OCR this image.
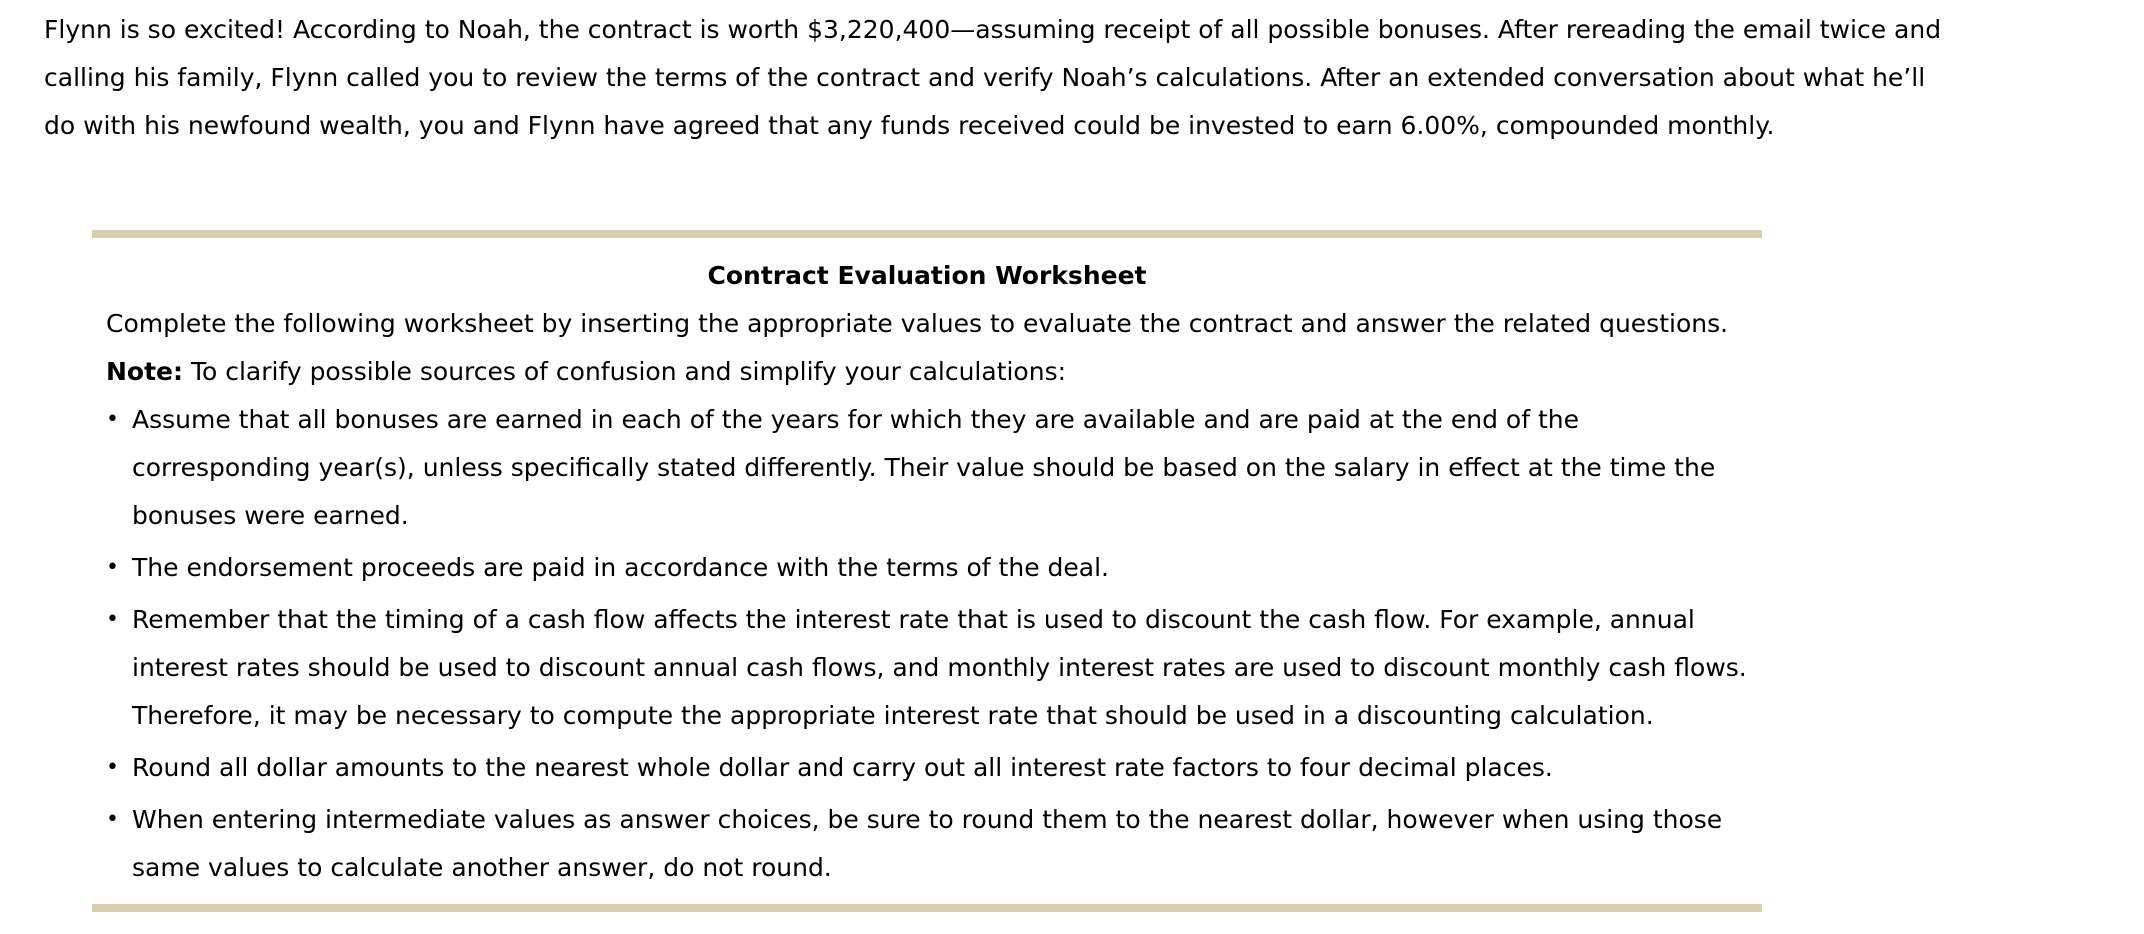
Flynn is so excited! According to Noah, the contract is worth $3,220,400—assuming receipt of all possible bonuses. After rereading the email twice and calling his family, Flynn called you to review the terms of the contract and verify Noah’s calculations. After an extended conversation about what he’ll do with his newfound wealth, you and Flynn have agreed that any funds received could be invested to earn 6.00%, compounded monthly.

Contract Evaluation Worksheet

Complete the following worksheet by inserting the appropriate values to evaluate the contract and answer the related questions.

Note: To clarify possible sources of confusion and simplify your calculations:

• Assume that all bonuses are earned in each of the years for which they are available and are paid at the end of the corresponding year(s), unless specifically stated differently. Their value should be based on the salary in effect at the time the bonuses were earned.
• The endorsement proceeds are paid in accordance with the terms of the deal.
• Remember that the timing of a cash flow affects the interest rate that is used to discount the cash flow. For example, annual interest rates should be used to discount annual cash flows, and monthly interest rates are used to discount monthly cash flows. Therefore, it may be necessary to compute the appropriate interest rate that should be used in a discounting calculation.
• Round all dollar amounts to the nearest whole dollar and carry out all interest rate factors to four decimal places.
• When entering intermediate values as answer choices, be sure to round them to the nearest dollar, however when using those same values to calculate another answer, do not round.
